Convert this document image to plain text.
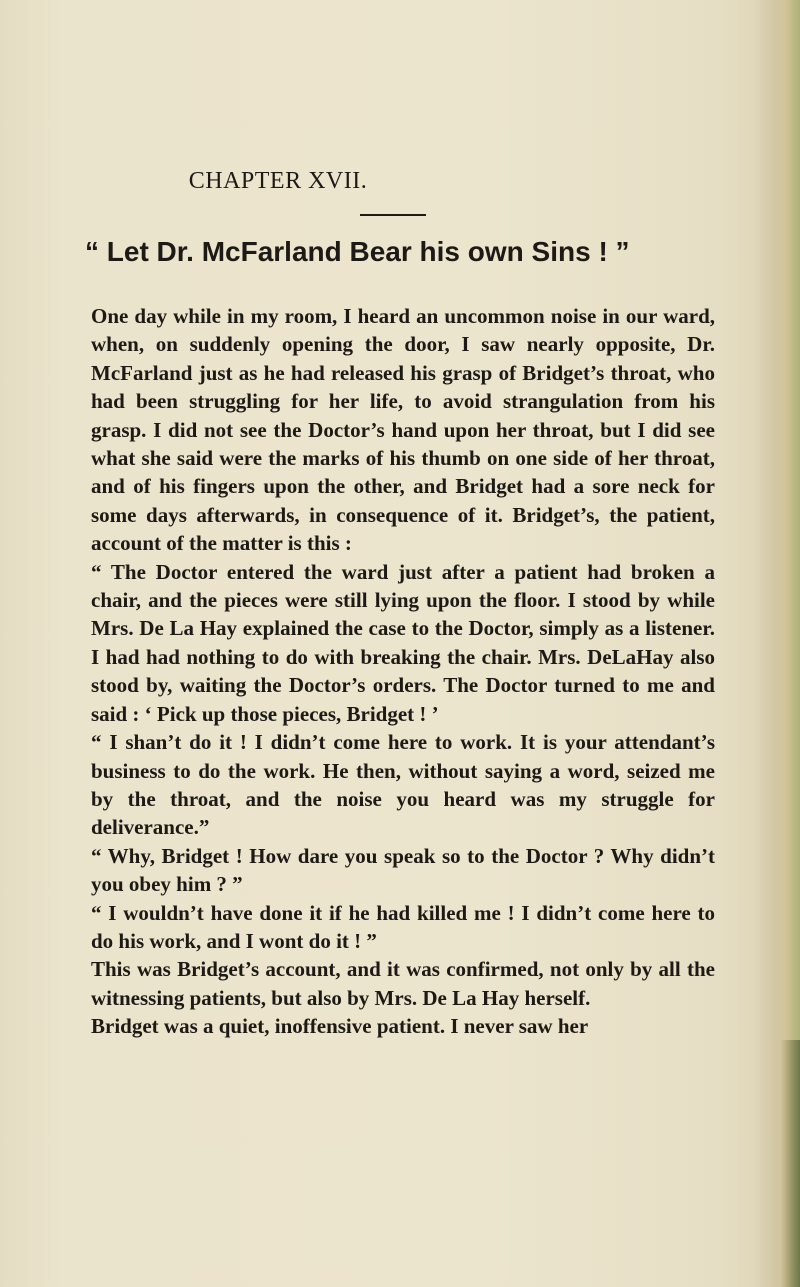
CHAPTER XVII.
“ Let Dr. McFarland Bear his own Sins ! ”

One day while in my room, I heard an uncommon noise in our ward, when, on suddenly opening the door, I saw nearly opposite, Dr. McFarland just as he had released his grasp of Bridget’s throat, who had been struggling for her life, to avoid strangulation from his grasp. I did not see the Doctor’s hand upon her throat, but I did see what she said were the marks of his thumb on one side of her throat, and of his fingers upon the other, and Bridget had a sore neck for some days afterwards, in consequence of it. Bridget’s, the patient, account of the matter is this :

“ The Doctor entered the ward just after a patient had broken a chair, and the pieces were still lying upon the floor. I stood by while Mrs. De La Hay explained the case to the Doctor, simply as a listener. I had had nothing to do with breaking the chair. Mrs. DeLaHay also stood by, waiting the Doctor’s orders. The Doctor turned to me and said : ‘ Pick up those pieces, Bridget ! ’

“ I shan’t do it ! I didn’t come here to work. It is your attendant’s business to do the work. He then, without saying a word, seized me by the throat, and the noise you heard was my struggle for deliverance.”

“ Why, Bridget ! How dare you speak so to the Doctor ? Why didn’t you obey him ? ”

“ I wouldn’t have done it if he had killed me ! I didn’t come here to do his work, and I wont do it ! ”

This was Bridget’s account, and it was confirmed, not only by all the witnessing patients, but also by Mrs. De La Hay herself.

Bridget was a quiet, inoffensive patient. I never saw her
